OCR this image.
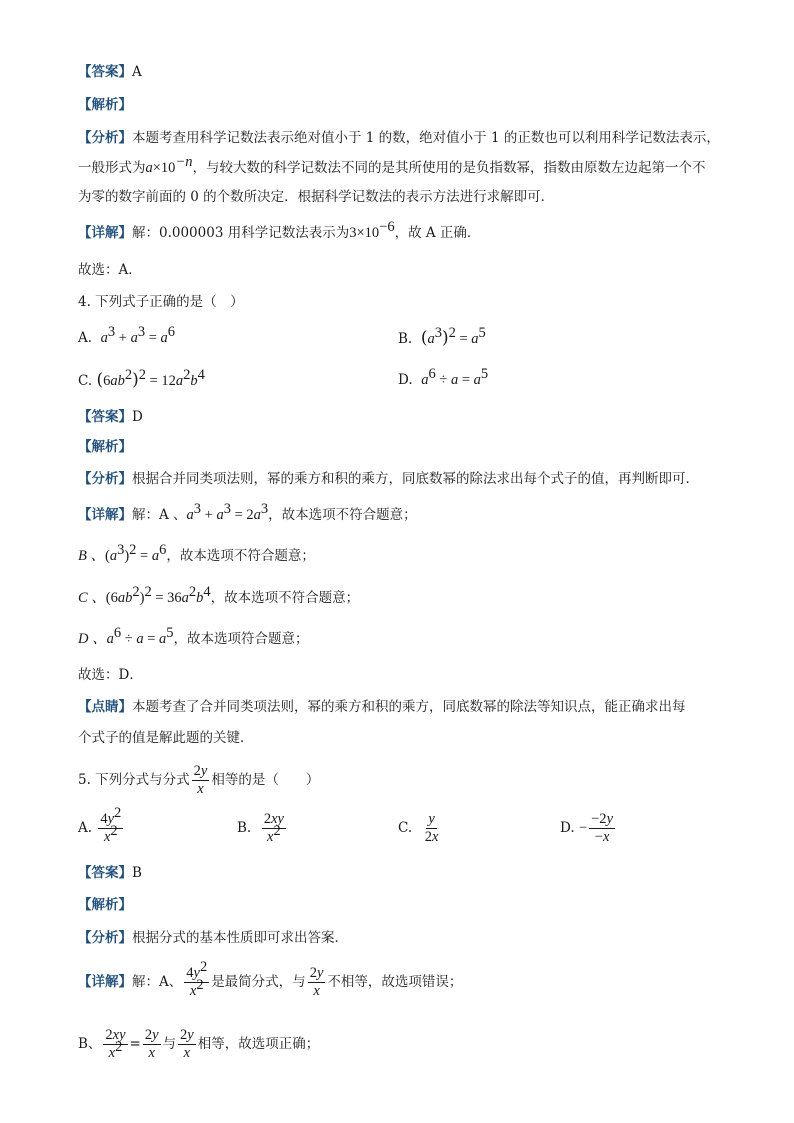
【答案】A
【解析】
【分析】本题考查用科学记数法表示绝对值小于 1 的数，绝对值小于 1 的正数也可以利用科学记数法表示，
一般形式为$a\times 10^{-n}$，与较大数的科学记数法不同的是其所使用的是负指数幂，指数由原数左边起第一个不
为零的数字前面的 0 的个数所决定．根据科学记数法的表示方法进行求解即可．
【详解】解：0.000003 用科学记数法表示为$3\times 10^{-6}$，故 A 正确．
故选：A．
4. 下列式子正确的是（　）
A. $a^3 + a^3 = a^6$	B. $(a^3)^2 = a^5$
C. $(6ab^2)^2 = 12a^2b^4$	D. $a^6 \div a = a^5$
【答案】D
【解析】
【分析】根据合并同类项法则，幂的乘方和积的乘方，同底数幂的除法求出每个式子的值，再判断即可．
【详解】解：A 、$a^3 + a^3 = 2a^3$，故本选项不符合题意；
B 、$(a^3)^2 = a^6$，故本选项不符合题意；
C 、$(6ab^2)^2 = 36a^2b^4$，故本选项不符合题意；
D 、$a^6 \div a = a^5$，故本选项符合题意；
故选：D．
【点睛】本题考查了合并同类项法则，幂的乘方和积的乘方，同底数幂的除法等知识点，能正确求出每
个式子的值是解此题的关键．
5. 下列分式与分式 $\frac{2y}{x}$ 相等的是（　　）
A. $\frac{4y^2}{x^2}$	B. $\frac{2xy}{x^2}$	C. $\frac{y}{2x}$	D. − $\frac{-2y}{-x}$
【答案】B
【解析】
【分析】根据分式的基本性质即可求出答案．
【详解】解：A、 $\frac{4y^2}{x^2}$ 是最简分式，与 $\frac{2y}{x}$ 不相等，故选项错误；
B、 $\frac{2xy}{x^2} = \frac{2y}{x}$ 与 $\frac{2y}{x}$ 相等，故选项正确；
